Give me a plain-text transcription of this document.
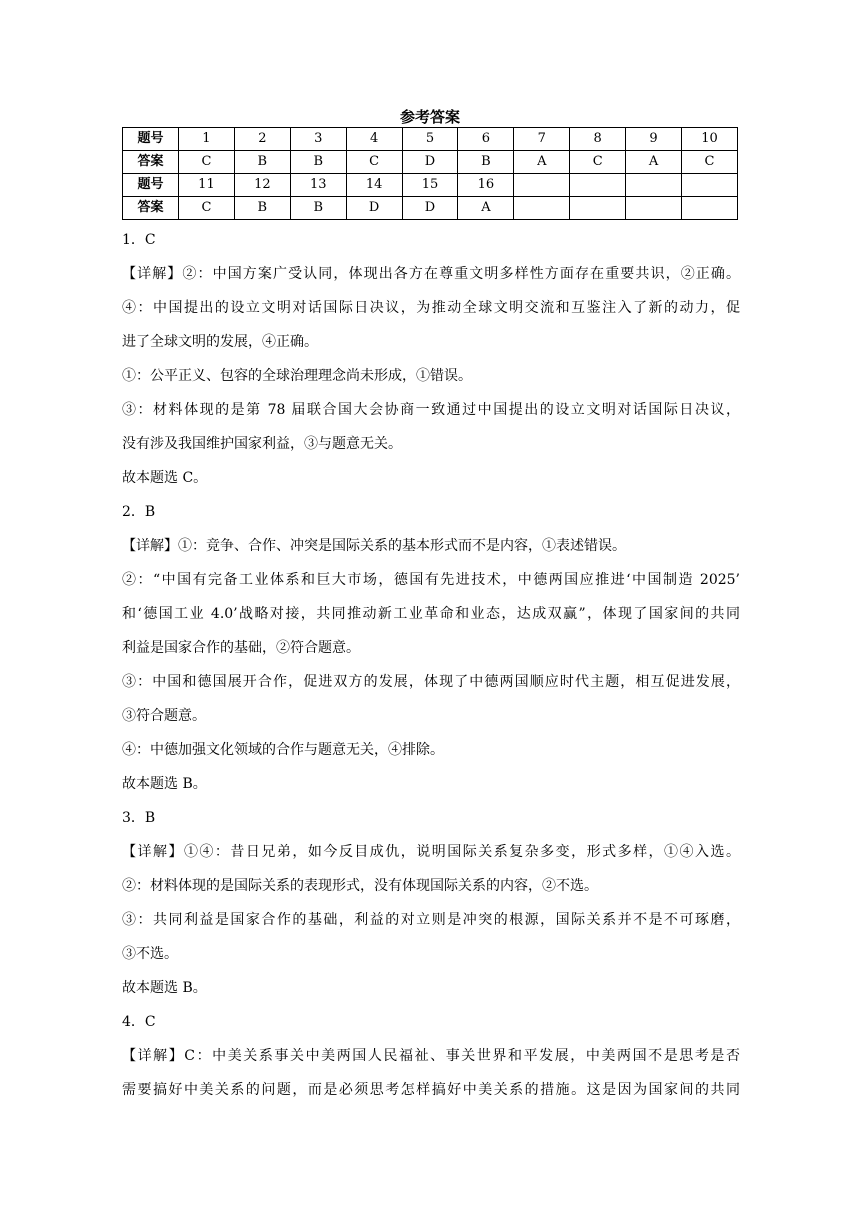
参考答案
题号	1	2	3	4	5	6	7	8	9	10
答案	C	B	B	C	D	B	A	C	A	C
题号	11	12	13	14	15	16				
答案	C	B	B	D	D	A				
1．C
【详解】②：中国方案广受认同，体现出各方在尊重文明多样性方面存在重要共识，②正确。
④：中国提出的设立文明对话国际日决议，为推动全球文明交流和互鉴注入了新的动力，促
进了全球文明的发展，④正确。
①：公平正义、包容的全球治理理念尚未形成，①错误。
③：材料体现的是第 78 届联合国大会协商一致通过中国提出的设立文明对话国际日决议，
没有涉及我国维护国家利益，③与题意无关。
故本题选 C。
2．B
【详解】①：竞争、合作、冲突是国际关系的基本形式而不是内容，①表述错误。
②：“中国有完备工业体系和巨大市场，德国有先进技术，中德两国应推进‘中国制造 2025’
和‘德国工业 4.0’战略对接，共同推动新工业革命和业态，达成双赢”，体现了国家间的共同
利益是国家合作的基础，②符合题意。
③：中国和德国展开合作，促进双方的发展，体现了中德两国顺应时代主题，相互促进发展，
③符合题意。
④：中德加强文化领域的合作与题意无关，④排除。
故本题选 B。
3．B
【详解】①④：昔日兄弟，如今反目成仇，说明国际关系复杂多变，形式多样，①④入选。
②：材料体现的是国际关系的表现形式，没有体现国际关系的内容，②不选。
③：共同利益是国家合作的基础，利益的对立则是冲突的根源，国际关系并不是不可琢磨，
③不选。
故本题选 B。
4．C
【详解】C：中美关系事关中美两国人民福祉、事关世界和平发展，中美两国不是思考是否
需要搞好中美关系的问题，而是必须思考怎样搞好中美关系的措施。这是因为国家间的共同
